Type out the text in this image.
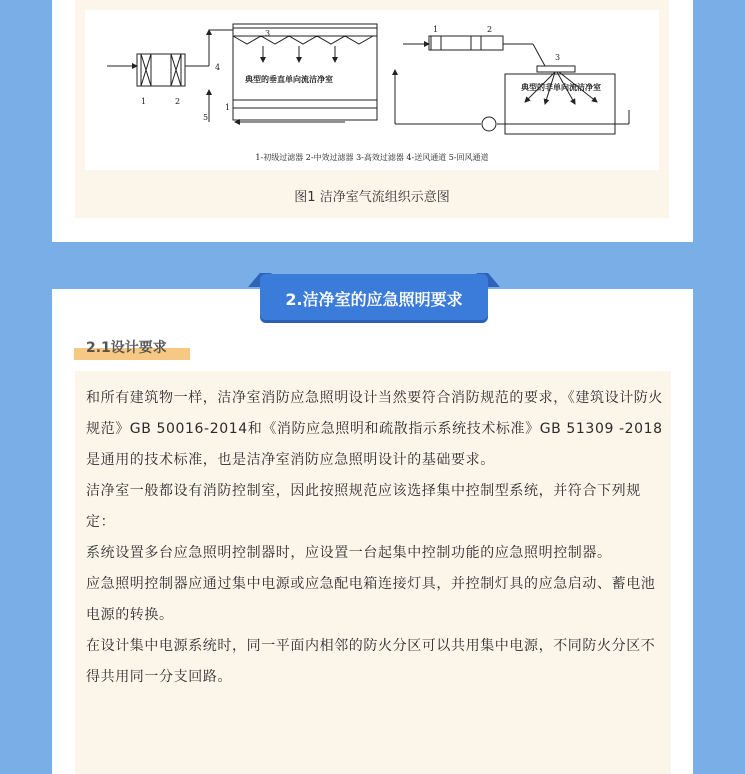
1	2
3
4
1
5
典型的垂直单向流洁净室
1	2
3
典型的非单向流洁净室
1-初级过滤器 2-中效过滤器 3-高效过滤器 4-送风通道 5-回风通道
图1 洁净室气流组织示意图
2.洁净室的应急照明要求
2.1设计要求

和所有建筑物一样，洁净室消防应急照明设计当然要符合消防规范的要求，《建筑设计防火规范》GB 50016-2014和《消防应急照明和疏散指示系统技术标准》GB 51309 -2018是通用的技术标准，也是洁净室消防应急照明设计的基础要求。

洁净室一般都设有消防控制室，因此按照规范应该选择集中控制型系统，并符合下列规定：

系统设置多台应急照明控制器时，应设置一台起集中控制功能的应急照明控制器。

应急照明控制器应通过集中电源或应急配电箱连接灯具，并控制灯具的应急启动、蓄电池电源的转换。

在设计集中电源系统时，同一平面内相邻的防火分区可以共用集中电源，不同防火分区不得共用同一分支回路。
